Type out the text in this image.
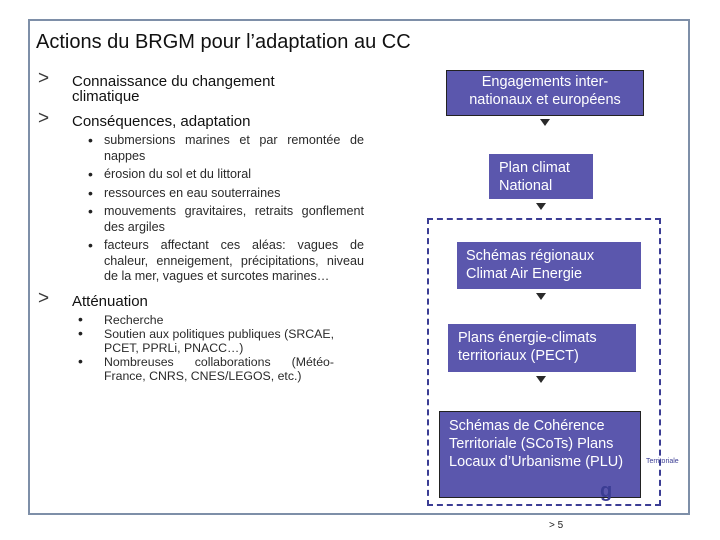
Actions du BRGM pour l’adaptation au CC
> Connaissance du changement climatique
> Conséquences, adaptation
• submersions marines et par remontée de nappes
• érosion du sol et du littoral
• ressources en eau souterraines
• mouvements gravitaires, retraits gonflement des argiles
• facteurs affectant ces aléas: vagues de chaleur, enneigement, précipitations, niveau de la mer, vagues et surcotes marines…
> Atténuation
• Recherche
• Soutien aux politiques publiques (SRCAE, PCET, PPRLi, PNACC…)
• Nombreuses collaborations (Météo-France, CNRS, CNES/LEGOS, etc.)
Engagements inter-nationaux et européens
Plan climat National
Schémas régionaux Climat Air Energie
Plans énergie-climats territoriaux (PECT)
Schémas de Cohérence Territoriale (SCoTs) Plans Locaux d’Urbanisme (PLU)	Territoriale
g
> 5
